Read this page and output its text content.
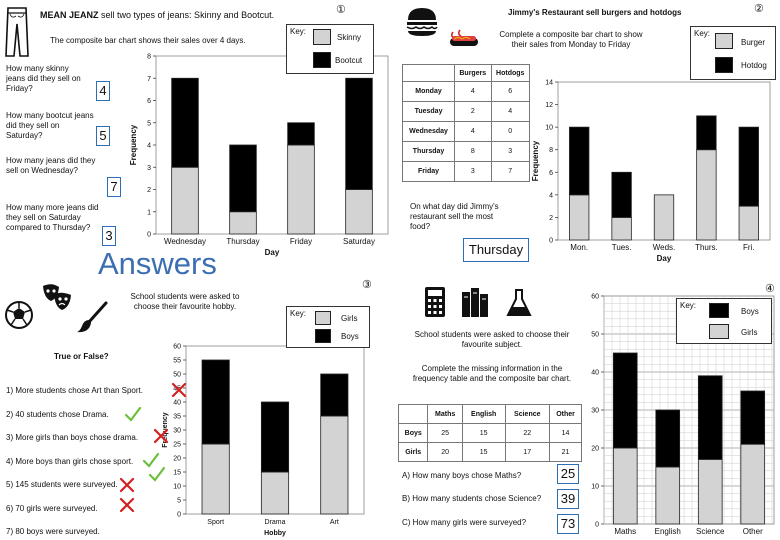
MEAN JEANZ sell two types of jeans: Skinny and Bootcut.
The composite bar chart shows their sales over 4 days.
①
How many skinny jeans did they sell on Friday?	4
How many bootcut jeans did they sell on Saturday?	5
How many jeans did they sell on Wednesday?
7
How many more jeans did they sell on Saturday compared to Thursday?
3	0
1
2
3
4
5
6
7
8
Wednesday	Thursday	Friday	Saturday
Day
Frequency
Key:
Skinny
Bootcut
Answers
Jimmy's Restaurant sell burgers and hotdogs	②
Complete a composite bar chart to show their sales from Monday to Friday
	Burgers	Hotdogs
Monday	4	6
Tuesday	2	4
Wednesday	4	0
Thursday	8	3
Friday	3	7
On what day did Jimmy's restaurant sell the most food?
Thursday
0
2
4
6
8
10
12
14
Mon.	Tues.	Weds. Thurs.	Fri.
Day
Frequency
Key:
Burger
Hotdog
School students were asked to choose their favourite hobby.
③
True or False?
1) More students chose Art than Sport.
2) 40 students chose Drama.
3) More girls than boys chose drama.
4) More boys than girls chose sport.
5) 145 students were surveyed.
6) 70 girls were surveyed.
7) 80 boys were surveyed.
0
5
10
15
20
25
30
35
40
45
50
55
60
Sport	Drama	Art
Hobby
Frequency
Key:
Girls
Boys
④
School students were asked to choose their favourite subject.
Complete the missing information in the frequency table and the composite bar chart.
	Maths	English	Science	Other
Boys	25	15	22	14
Girls	20	15	17	21
A) How many boys chose Maths?	25
B) How many students chose Science? 39
C) How many girls were surveyed?	73	0
10
20
30
40
50
60
Maths English Science Other
Key:
Boys
Girls
